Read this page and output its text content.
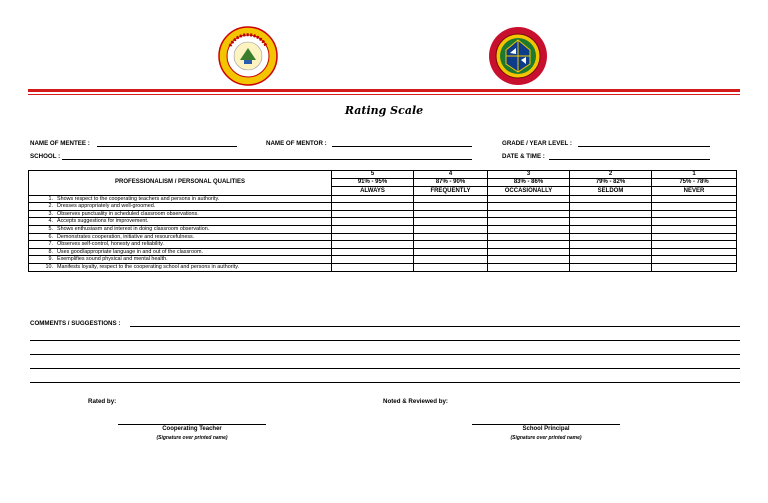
Rating Scale
NAME OF MENTEE :	NAME OF MENTOR :	GRADE / YEAR LEVEL :
SCHOOL :	DATE & TIME :
PROFESSIONALISM / PERSONAL QUALITIES	5	4	3	2	1
	91% - 95%	87% - 90%	83% - 86%	79% - 82%	75% - 78%
	ALWAYS	FREQUENTLY	OCCASIONALLY	SELDOM	NEVER
1. Shows respect to the cooperating teachers and persons in authority.					
2. Dresses appropriately and well-groomed.					
3. Observes punctuality in scheduled classroom observations.					
4. Accepts suggestions for improvement.					
5. Shows enthusiasm and interest in doing classroom observation.					
6. Demonstrates cooperation, initiative and resourcefulness.					
7. Observes self-control, honesty and reliability.					
8. Uses good/appropriate language in and out of the classroom.					
9. Exemplifies sound physical and mental health.					
10. Manifests loyalty, respect to the cooperating school and persons in authority.					
COMMENTS / SUGGESTIONS :
Rated by:	Noted & Reviewed by:
Cooperating Teacher
(Signature over printed name)
School Principal
(Signature over printed name)
